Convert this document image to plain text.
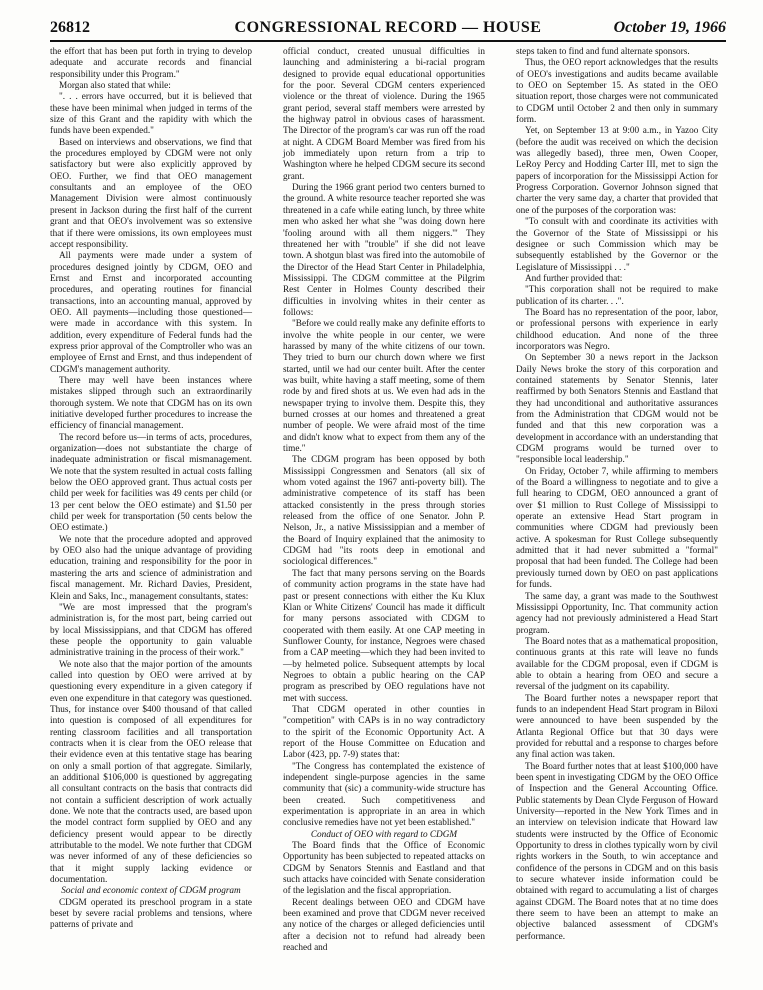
26812	CONGRESSIONAL RECORD — HOUSE	October 19, 1966

the effort that has been put forth in trying to develop adequate and accurate records and financial responsibility under this Program."

Morgan also stated that while:

". . . errors have occurred, but it is believed that these have been minimal when judged in terms of the size of this Grant and the rapidity with which the funds have been expended."

Based on interviews and observations, we find that the procedures employed by CDGM were not only satisfactory but were also explicitly approved by OEO. Further, we find that OEO management consultants and an employee of the OEO Management Division were almost continuously present in Jackson during the first half of the current grant and that OEO's involvement was so extensive that if there were omissions, its own employees must accept responsibility.

All payments were made under a system of procedures designed jointly by CDGM, OEO and Ernst and Ernst and incorporated accounting procedures, and operating routines for financial transactions, into an accounting manual, approved by OEO. All payments—including those questioned—were made in accordance with this system. In addition, every expenditure of Federal funds had the express prior approval of the Comptroller who was an employee of Ernst and Ernst, and thus independent of CDGM's management authority.

There may well have been instances where mistakes slipped through such an extraordinarily thorough system. We note that CDGM has on its own initiative developed further procedures to increase the efficiency of financial management.

The record before us—in terms of acts, procedures, organization—does not substantiate the charge of inadequate administration or fiscal mismanagement. We note that the system resulted in actual costs falling below the OEO approved grant. Thus actual costs per child per week for facilities was 49 cents per child (or 13 per cent below the OEO estimate) and $1.50 per child per week for transportation (50 cents below the OEO estimate.)

We note that the procedure adopted and approved by OEO also had the unique advantage of providing education, training and responsibility for the poor in mastering the arts and science of administration and fiscal management. Mr. Richard Davies, President, Klein and Saks, Inc., management consultants, states:

"We are most impressed that the program's administration is, for the most part, being carried out by local Mississippians, and that CDGM has offered these people the opportunity to gain valuable administrative training in the process of their work."

We note also that the major portion of the amounts called into question by OEO were arrived at by questioning every expenditure in a given category if even one expenditure in that category was questioned. Thus, for instance over $400 thousand of that called into question is composed of all expenditures for renting classroom facilities and all transportation contracts when it is clear from the OEO release that their evidence even at this tentative stage has bearing on only a small portion of that aggregate. Similarly, an additional $106,000 is questioned by aggregating all consultant contracts on the basis that contracts did not contain a sufficient description of work actually done. We note that the contracts used, are based upon the model contract form supplied by OEO and any deficiency present would appear to be directly attributable to the model. We note further that CDGM was never informed of any of these deficiencies so that it might supply lacking evidence or documentation.

Social and economic context of CDGM program

CDGM operated its preschool program in a state beset by severe racial problems and tensions, where patterns of private and

official conduct, created unusual difficulties in launching and administering a bi-racial program designed to provide equal educational opportunities for the poor. Several CDGM centers experienced violence or the threat of violence. During the 1965 grant period, several staff members were arrested by the highway patrol in obvious cases of harassment. The Director of the program's car was run off the road at night. A CDGM Board Member was fired from his job immediately upon return from a trip to Washington where he helped CDGM secure its second grant.

During the 1966 grant period two centers burned to the ground. A white resource teacher reported she was threatened in a cafe while eating lunch, by three white men who asked her what she "was doing down here 'fooling around with all them niggers.'" They threatened her with "trouble" if she did not leave town. A shotgun blast was fired into the automobile of the Director of the Head Start Center in Philadelphia, Mississippi. The CDGM committee at the Pilgrim Rest Center in Holmes County described their difficulties in involving whites in their center as follows:

"Before we could really make any definite efforts to involve the white people in our center, we were harassed by many of the white citizens of our town. They tried to burn our church down where we first started, until we had our center built. After the center was built, white having a staff meeting, some of them rode by and fired shots at us. We even had ads in the newspaper trying to involve them. Despite this, they burned crosses at our homes and threatened a great number of people. We were afraid most of the time and didn't know what to expect from them any of the time."

The CDGM program has been opposed by both Mississippi Congressmen and Senators (all six of whom voted against the 1967 anti-poverty bill). The administrative competence of its staff has been attacked consistently in the press through stories released from the office of one Senator. John P. Nelson, Jr., a native Mississippian and a member of the Board of Inquiry explained that the animosity to CDGM had "its roots deep in emotional and sociological differences."

The fact that many persons serving on the Boards of community action programs in the state have had past or present connections with either the Ku Klux Klan or White Citizens' Council has made it difficult for many persons associated with CDGM to cooperated with them easily. At one CAP meeting in Sunflower County, for instance, Negroes were chased from a CAP meeting—which they had been invited to—by helmeted police. Subsequent attempts by local Negroes to obtain a public hearing on the CAP program as prescribed by OEO regulations have not met with success.

That CDGM operated in other counties in "competition" with CAPs is in no way contradictory to the spirit of the Economic Opportunity Act. A report of the House Committee on Education and Labor (423, pp. 7-9) states that:

"The Congress has contemplated the existence of independent single-purpose agencies in the same community that (sic) a community-wide structure has been created. Such competitiveness and experimentation is appropriate in an area in which conclusive remedies have not yet been established."

Conduct of OEO with regard to CDGM

The Board finds that the Office of Economic Opportunity has been subjected to repeated attacks on CDGM by Senators Stennis and Eastland and that such attacks have coincided with Senate consideration of the legislation and the fiscal appropriation.

Recent dealings between OEO and CDGM have been examined and prove that CDGM never received any notice of the charges or alleged deficiencies until after a decision not to refund had already been reached and

steps taken to find and fund alternate sponsors.

Thus, the OEO report acknowledges that the results of OEO's investigations and audits became available to OEO on September 15. As stated in the OEO situation report, those charges were not communicated to CDGM until October 2 and then only in summary form.

Yet, on September 13 at 9:00 a.m., in Yazoo City (before the audit was received on which the decision was allegedly based), three men, Owen Cooper, LeRoy Percy and Hodding Carter III, met to sign the papers of incorporation for the Mississippi Action for Progress Corporation. Governor Johnson signed that charter the very same day, a charter that provided that one of the purposes of the corporation was:

"To consult with and coordinate its activities with the Governor of the State of Mississippi or his designee or such Commission which may be subsequently established by the Governor or the Legislature of Mississippi . . ."

And further provided that:

"This corporation shall not be required to make publication of its charter. . .".

The Board has no representation of the poor, labor, or professional persons with experience in early childhood education. And none of the three incorporators was Negro.

On September 30 a news report in the Jackson Daily News broke the story of this corporation and contained statements by Senator Stennis, later reaffirmed by both Senators Stennis and Eastland that they had unconditional and authoritative assurances from the Administration that CDGM would not be funded and that this new corporation was a development in accordance with an understanding that CDGM programs would be turned over to "responsible local leadership."

On Friday, October 7, while affirming to members of the Board a willingness to negotiate and to give a full hearing to CDGM, OEO announced a grant of over $1 million to Rust College of Mississippi to operate an extensive Head Start program in communities where CDGM had previously been active. A spokesman for Rust College subsequently admitted that it had never submitted a "formal" proposal that had been funded. The College had been previously turned down by OEO on past applications for funds.

The same day, a grant was made to the Southwest Mississippi Opportunity, Inc. That community action agency had not previously administered a Head Start program.

The Board notes that as a mathematical proposition, continuous grants at this rate will leave no funds available for the CDGM proposal, even if CDGM is able to obtain a hearing from OEO and secure a reversal of the judgment on its capability.

The Board further notes a newspaper report that funds to an independent Head Start program in Biloxi were announced to have been suspended by the Atlanta Regional Office but that 30 days were provided for rebuttal and a response to charges before any final action was taken.

The Board further notes that at least $100,000 have been spent in investigating CDGM by the OEO Office of Inspection and the General Accounting Office. Public statements by Dean Clyde Ferguson of Howard University—reported in the New York Times and in an interview on television indicate that Howard law students were instructed by the Office of Economic Opportunity to dress in clothes typically worn by civil rights workers in the South, to win acceptance and confidence of the persons in CDGM and on this basis to secure whatever inside information could be obtained with regard to accumulating a list of charges against CDGM. The Board notes that at no time does there seem to have been an attempt to make an objective balanced assessment of CDGM's performance.
